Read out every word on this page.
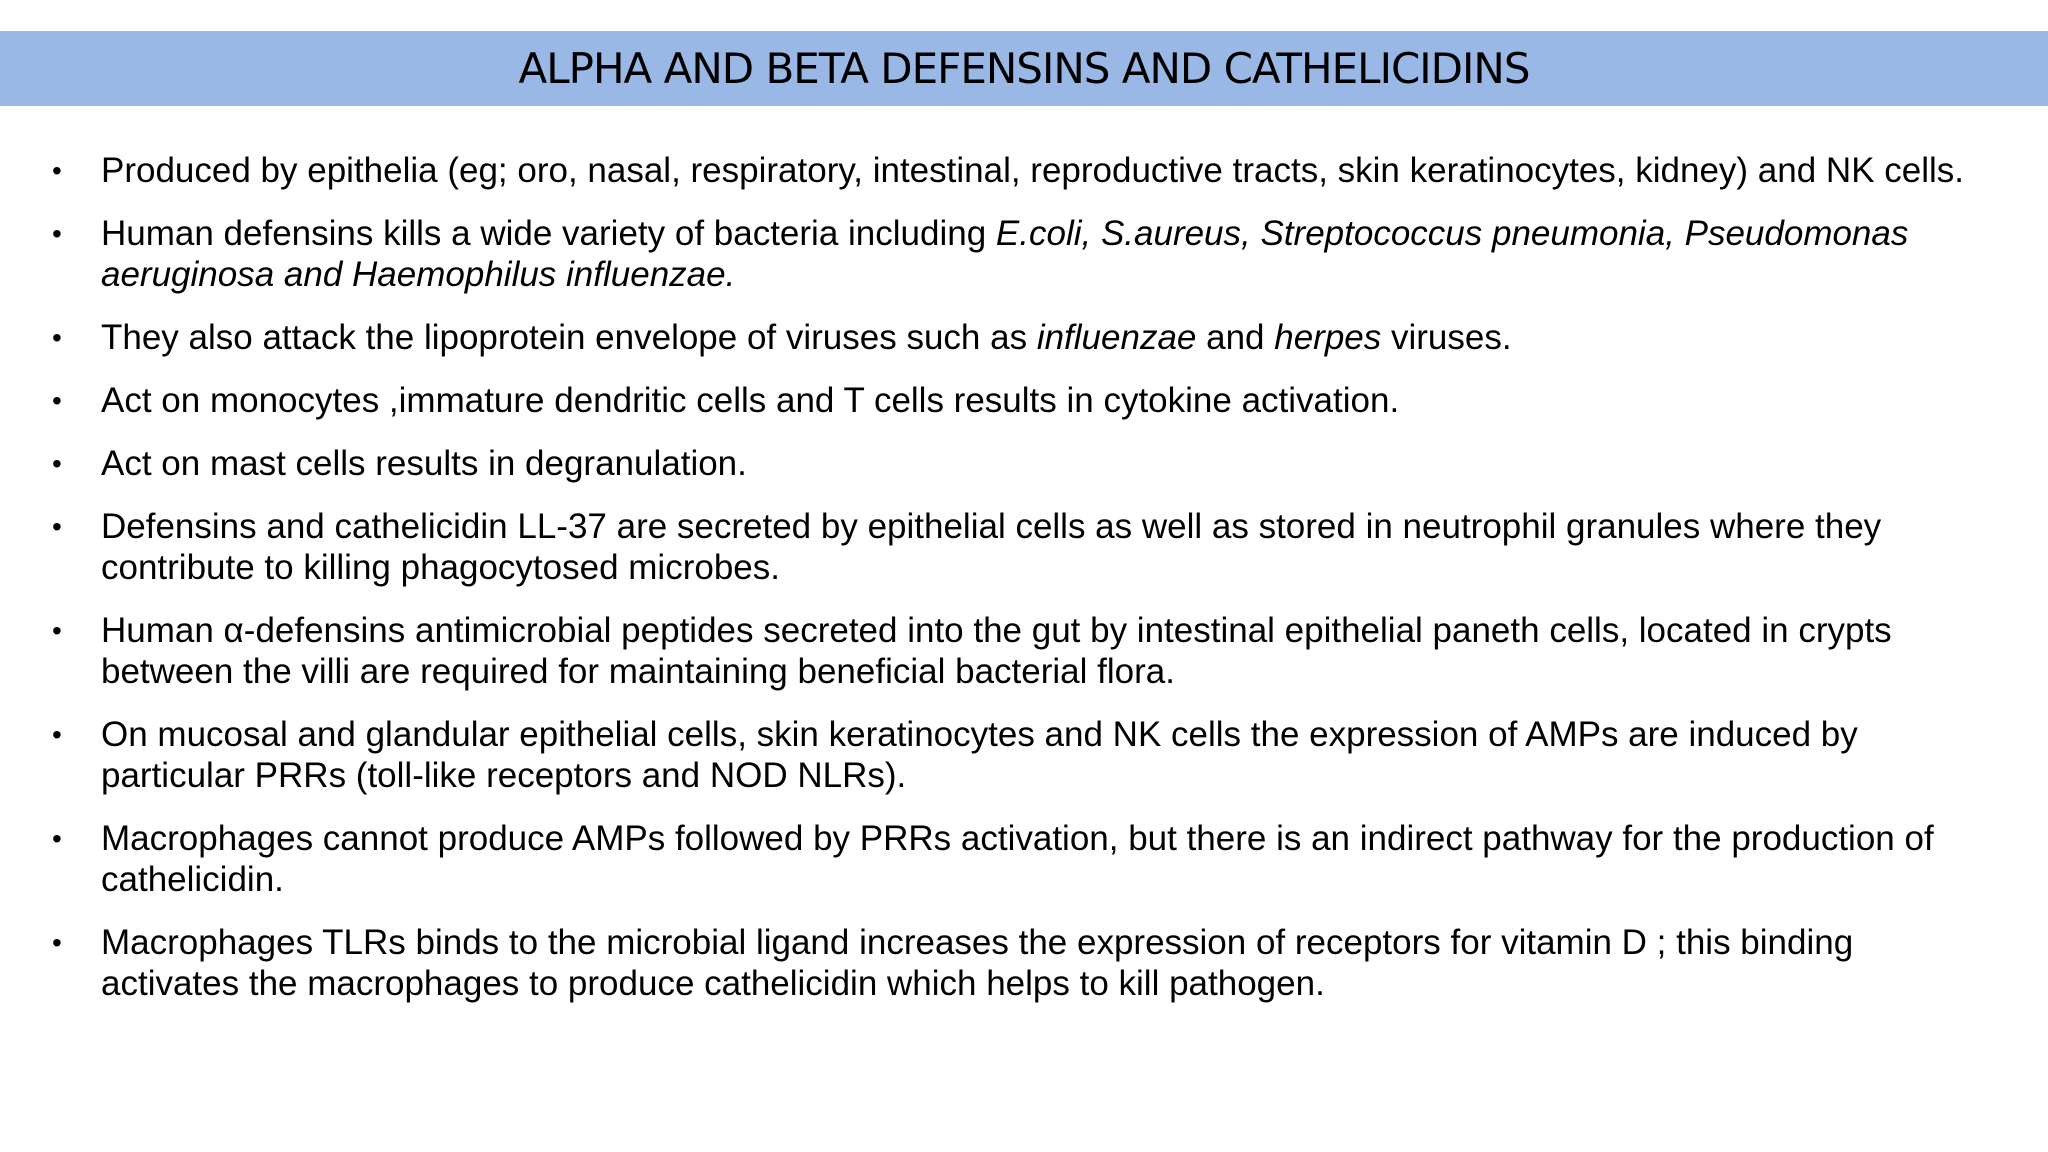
ALPHA AND BETA DEFENSINS AND CATHELICIDINS
• Produced by epithelia (eg; oro, nasal, respiratory, intestinal, reproductive tracts, skin keratinocytes, kidney) and NK cells.
• Human defensins kills a wide variety of bacteria including E.coli, S.aureus, Streptococcus pneumonia, Pseudomonas aeruginosa and Haemophilus influenzae.
• They also attack the lipoprotein envelope of viruses such as influenzae and herpes viruses.
• Act on monocytes ,immature dendritic cells and T cells results in cytokine activation.
• Act on mast cells results in degranulation.
• Defensins and cathelicidin LL-37 are secreted by epithelial cells as well as stored in neutrophil granules where they contribute to killing phagocytosed microbes.
• Human α-defensins antimicrobial peptides secreted into the gut by intestinal epithelial paneth cells, located in crypts between the villi are required for maintaining beneficial bacterial flora.
• On mucosal and glandular epithelial cells, skin keratinocytes and NK cells the expression of AMPs are induced by particular PRRs (toll-like receptors and NOD NLRs).
• Macrophages cannot produce AMPs followed by PRRs activation, but there is an indirect pathway for the production of cathelicidin.
• Macrophages TLRs binds to the microbial ligand increases the expression of receptors for vitamin D ; this binding activates the macrophages to produce cathelicidin which helps to kill pathogen.
